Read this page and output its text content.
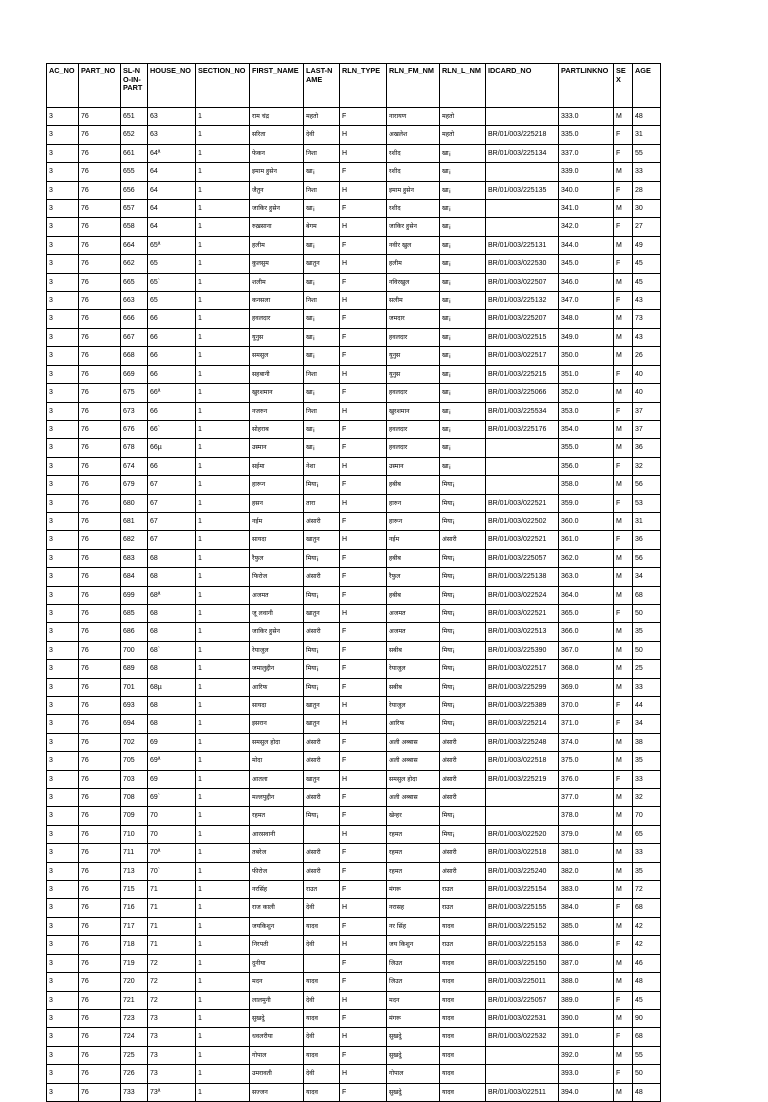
AC_NO	PART_NO	SL-NO-IN-PART	HOUSE_NO	SECTION_NO	FIRST_NAME	LAST-NAME	RLN_TYPE	RLN_FM_NM	RLN_L_NM	IDCARD_NO	PARTLINKNO	SEX	AGE
3	76	651	63	1	राम चंद्र	महतो	F	नारायण	महतो		333.0	M	48
3	76	652	63	1	सरिता	देवी	H	अखलेश	महतो	BR/01/003/225218	335.0	F	31
3	76	661	64ª	1	फेकन	निशा	H	रशीद	खा¡	BR/01/003/225134	337.0	F	55
3	76	655	64	1	इमाम हुसेन	खा¡	F	रशीद	खा¡		339.0	M	33
3	76	656	64	1	जैतुन	निशा	H	इमाम हुसेन	खा¡	BR/01/003/225135	340.0	F	28
3	76	657	64	1	जाकिर हुसेन	खा¡	F	रशीद	खा¡		341.0	M	30
3	76	658	64	1	रुख़साना	बेगम	H	जाकिर हुसेन	खा¡		342.0	F	27
3	76	664	65ª	1	हलीम	खा¡	F	नवीर खुल	खा¡	BR/01/003/225131	344.0	M	49
3	76	662	65	1	कुलसुम	खातुन	H	हलीम	खा¡	BR/01/003/022530	345.0	F	45
3	76	665	65`	1	शलीम	खा¡	F	नविरखुल	खा¡	BR/01/003/022507	346.0	M	45
3	76	663	65	1	कनसला	निशा	H	सलीम	खा¡	BR/01/003/225132	347.0	F	43
3	76	666	66	1	हवलदार	खा¡	F	जमदार	खा¡	BR/01/003/225207	348.0	M	73
3	76	667	66	1	युनुस	खा¡	F	हवलदार	खा¡	BR/01/003/022515	349.0	M	43
3	76	668	66	1	समसुल	खा¡	F	युनुस	खा¡	BR/01/003/022517	350.0	M	26
3	76	669	66	1	सहबानी	निशा	H	युनुस	खा¡	BR/01/003/225215	351.0	F	40
3	76	675	66ª	1	खुरशमान	खा¡	F	हवलदार	खा¡	BR/01/003/225066	352.0	M	40
3	76	673	66	1	नजरुन	निशा	H	खुरशमान	खा¡	BR/01/003/225534	353.0	F	37
3	76	676	66`	1	सोहराब	खा¡	F	हवलदार	खा¡	BR/01/003/225176	354.0	M	37
3	76	678	66µ	1	उस्मान	खा¡	F	हवलदार	खा¡		355.0	M	36
3	76	674	66	1	सईमा	नेशा	H	उस्मान	खा¡		356.0	F	32
3	76	679	67	1	हारून	मिया¡	F	हबीब	मिया¡		358.0	M	56
3	76	680	67	1	हसन	तारा	H	हारुन	मिया¡	BR/01/003/022521	359.0	F	53
3	76	681	67	1	नईम	अंसारी	F	हारून	मिया¡	BR/01/003/022502	360.0	M	31
3	76	682	67	1	सायदा	खातुन	H	नईम	अंसारी	BR/01/003/022521	361.0	F	36
3	76	683	68	1	रैफुल	मिया¡	F	हबीब	मिया¡	BR/01/003/225057	362.0	M	56
3	76	684	68	1	फिरोज	अंसारी	F	रैफुल	मिया¡	BR/01/003/225138	363.0	M	34
3	76	699	68ª	1	अजमत	मिया¡	F	हबीब	मिया¡	BR/01/003/022524	364.0	M	68
3	76	685	68	1	जू लवानी	खातुन	H	अजमत	मिया¡	BR/01/003/022521	365.0	F	50
3	76	686	68	1	जाकिर हुसेन	अंसारी	F	अजमत	मिया¡	BR/01/003/022513	366.0	M	35
3	76	700	68`	1	रेयाजुल	मिया¡	F	सबीब	मिया¡	BR/01/003/225390	367.0	M	50
3	76	689	68	1	जमालुद्दीन	मिया¡	F	रेयाजुल	मिया¡	BR/01/003/022517	368.0	M	25
3	76	701	68µ	1	आरिफ	मिया¡	F	सबीब	मिया¡	BR/01/003/225299	369.0	M	33
3	76	693	68	1	सायदा	खातुन	H	रेयाजुल	मिया¡	BR/01/003/225389	370.0	F	44
3	76	694	68	1	इसरान	खातुन	H	आरिफ	मिया¡	BR/01/003/225214	371.0	F	34
3	76	702	69	1	समसुल होदा	अंसारी	F	अली अब्बास	अंसारी	BR/01/003/225248	374.0	M	38
3	76	705	69ª	1	मोदा	अंसारी	F	अली अब्बास	अंसारी	BR/01/003/022518	375.0	M	35
3	76	703	69	1	आतला	खातुन	H	समसुल होदा	अंसारी	BR/01/003/225219	376.0	F	33
3	76	708	69`	1	मल्लपुद्दीन	अंसारी	F	अली अब्बास	अंसारी		377.0	M	32
3	76	709	70	1	रहमत	मिया¡	F	खेन्हर	मिया¡		378.0	M	70
3	76	710	70	1	आरसवानी		H	रहमत	मिया¡	BR/01/003/022520	379.0	M	65
3	76	711	70ª	1	तबरेज	अंसारी	F	रहमत	अंसारी	BR/01/003/022518	381.0	M	33
3	76	713	70`	1	फीरोज	अंसारी	F	रहमत	अंसारी	BR/01/003/225240	382.0	M	35
3	76	715	71	1	नरसिंह	राउत	F	मंगरू	राउत	BR/01/003/225154	383.0	M	72
3	76	716	71	1	राज काली	देवी	H	नरासह	राउत	BR/01/003/225155	384.0	F	68
3	76	717	71	1	जयकिशुन	यादव	F	नर सिंह	यादव	BR/01/003/225152	385.0	M	42
3	76	718	71	1	निरपती	देवी	H	जय किशुन	राउत	BR/01/003/225153	386.0	F	42
3	76	719	72	1	दुनीया		F	जिउत	यादव	BR/01/003/225150	387.0	M	46
3	76	720	72	1	मदन	यादव	F	जिउत	यादव	BR/01/003/225011	388.0	M	48
3	76	721	72	1	लालमुनी	देवी	H	मदन	यादव	BR/01/003/225057	389.0	F	45
3	76	723	73	1	सुखदेु	यादव	F	मंगरू	यादव	BR/01/003/022531	390.0	M	90
3	76	724	73	1	धवलरीया	देवी	H	सुखदेु	यादव	BR/01/003/022532	391.0	F	68
3	76	725	73	1	गोपाल	यादव	F	सुखदेु	यादव		392.0	M	55
3	76	726	73	1	उमरावती	देवी	H	गोपाल	यादव		393.0	F	50
3	76	733	73ª	1	सज्जन	यादव	F	सुखदेु	यादव	BR/01/003/022511	394.0	M	48
